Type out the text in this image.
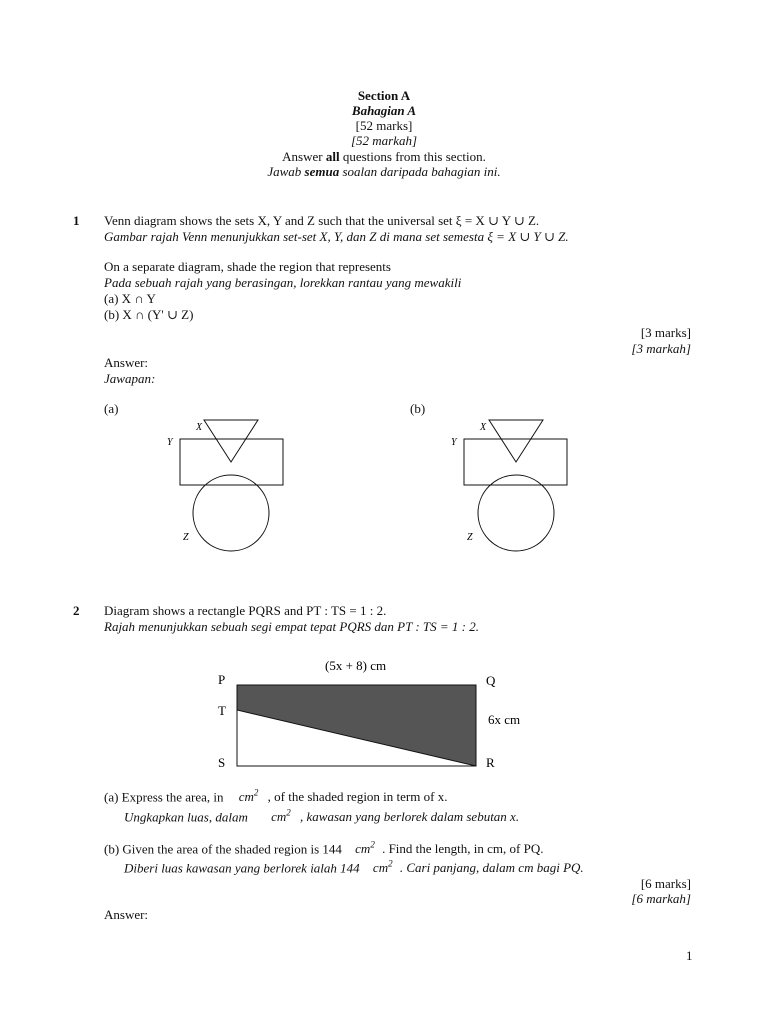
Section A
Bahagian A
[52 marks]
[52 markah]
Answer all questions from this section.
Jawab semua soalan daripada bahagian ini.
1 Venn diagram shows the sets X, Y and Z such that the universal set ξ = X ∪ Y ∪ Z.
Gambar rajah Venn menunjukkan set-set X, Y, dan Z di mana set semesta ξ = X ∪ Y ∪ Z.
On a separate diagram, shade the region that represents
Pada sebuah rajah yang berasingan, lorekkan rantau yang mewakili
(a) X ∩ Y
(b) X ∩ (Y' ∪ Z)
[3 marks]
[3 markah]
Answer:
Jawapan:
(a)
X
Y
Z
(b)
X
Y
Z
2 Diagram shows a rectangle PQRS and PT : TS = 1 : 2.
Rajah menunjukkan sebuah segi empat tepat PQRS dan PT : TS = 1 : 2.
(5x + 8) cm
6x cm
P	Q
T
S	R
(a) Express the area, in $cm^2$ , of the shaded region in term of x.
Ungkapkan luas, dalam $cm^2$ , kawasan yang berlorek dalam sebutan x.
(b) Given the area of the shaded region is 144 $cm^2$ . Find the length, in cm, of PQ.
Diberi luas kawasan yang berlorek ialah 144 $cm^2$ . Cari panjang, dalam cm bagi PQ.
[6 marks]
[6 markah]
Answer:
1
